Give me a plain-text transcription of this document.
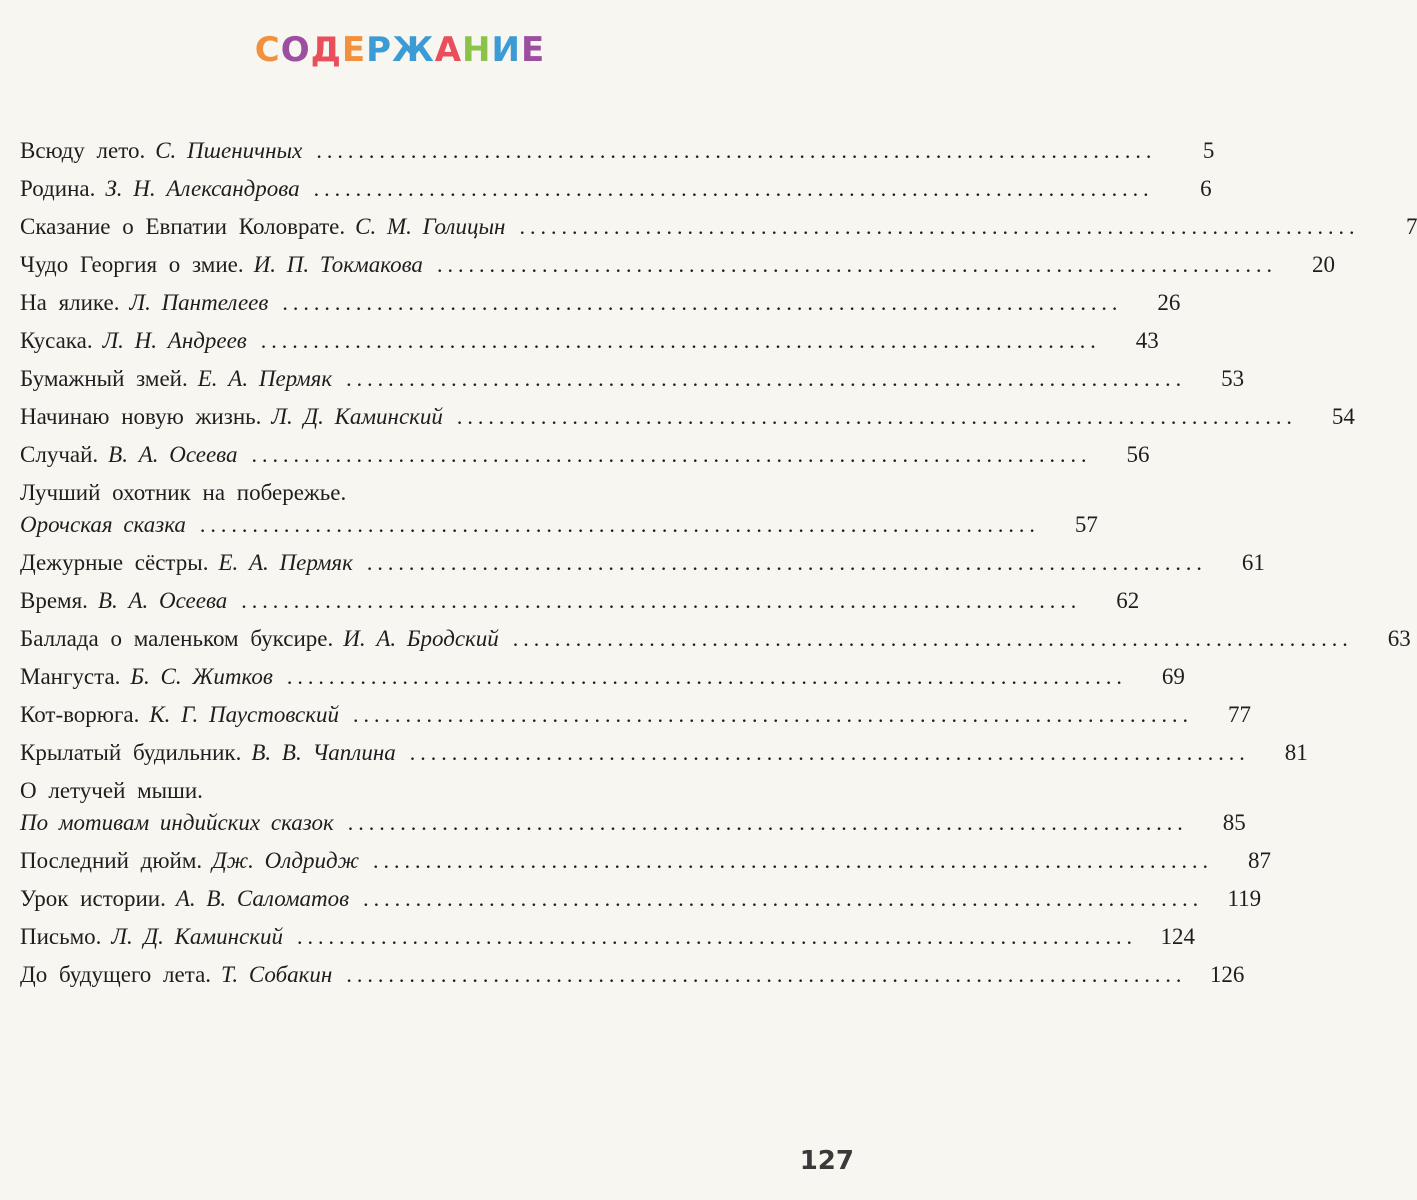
СОДЕРЖАНИЕ
Всюду лето. С. Пшеничных ................................................................................	5
Родина. З. Н. Александрова ................................................................................	6
Сказание о Евпатии Коловрате. С. М. Голицын ................................................................................	7
Чудо Георгия о змие. И. П. Токмакова ................................................................................	20
На ялике. Л. Пантелеев ................................................................................	26
Кусака. Л. Н. Андреев ................................................................................	43
Бумажный змей. Е. А. Пермяк ................................................................................	53
Начинаю новую жизнь. Л. Д. Каминский ................................................................................	54
Случай. В. А. Осеева ................................................................................	56
Лучший охотник на побережье.
Орочская сказка ................................................................................	57
Дежурные сёстры. Е. А. Пермяк ................................................................................	61
Время. В. А. Осеева ................................................................................	62
Баллада о маленьком буксире. И. А. Бродский ................................................................................	63
Мангуста. Б. С. Житков ................................................................................	69
Кот-ворюга. К. Г. Паустовский ................................................................................	77
Крылатый будильник. В. В. Чаплина ................................................................................	81
О летучей мыши.
По мотивам индийских сказок ................................................................................	85
Последний дюйм. Дж. Олдридж ................................................................................	87
Урок истории. А. В. Саломатов ................................................................................	119
Письмо. Л. Д. Каминский ................................................................................	124
До будущего лета. Т. Собакин ................................................................................	126
127
